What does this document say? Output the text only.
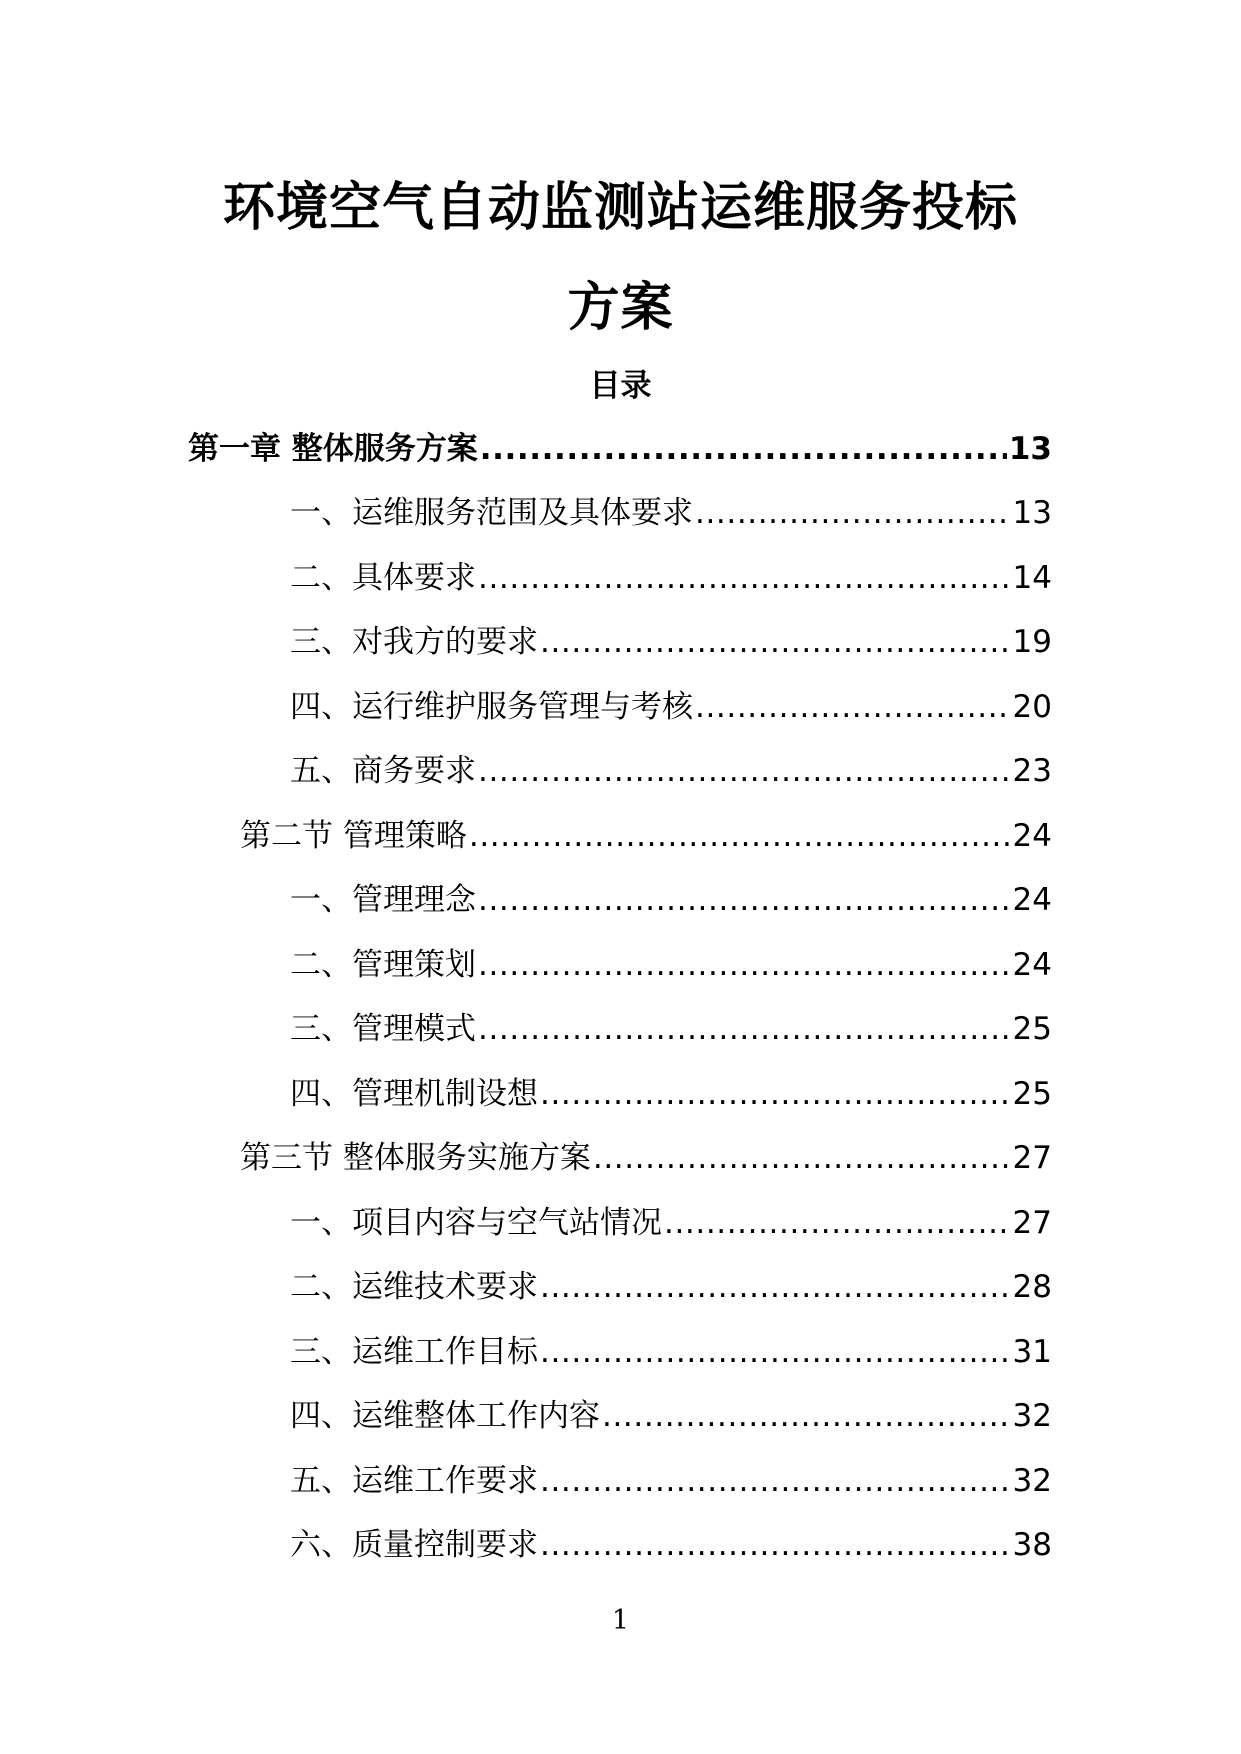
环境空气自动监测站运维服务投标
方案
目录
第一章 整体服务方案 .....	13
一、运维服务范围及具体要求 .....	13
二、具体要求 .....	14
三、对我方的要求 .....	19
四、运行维护服务管理与考核 .....	20
五、商务要求 .....	23
第二节 管理策略 .....	24
一、管理理念 .....	24
二、管理策划 .....	24
三、管理模式 .....	25
四、管理机制设想 .....	25
第三节 整体服务实施方案 .....	27
一、项目内容与空气站情况 .....	27
二、运维技术要求 .....	28
三、运维工作目标 .....	31
四、运维整体工作内容 .....	32
五、运维工作要求 .....	32
六、质量控制要求 .....	38
1
